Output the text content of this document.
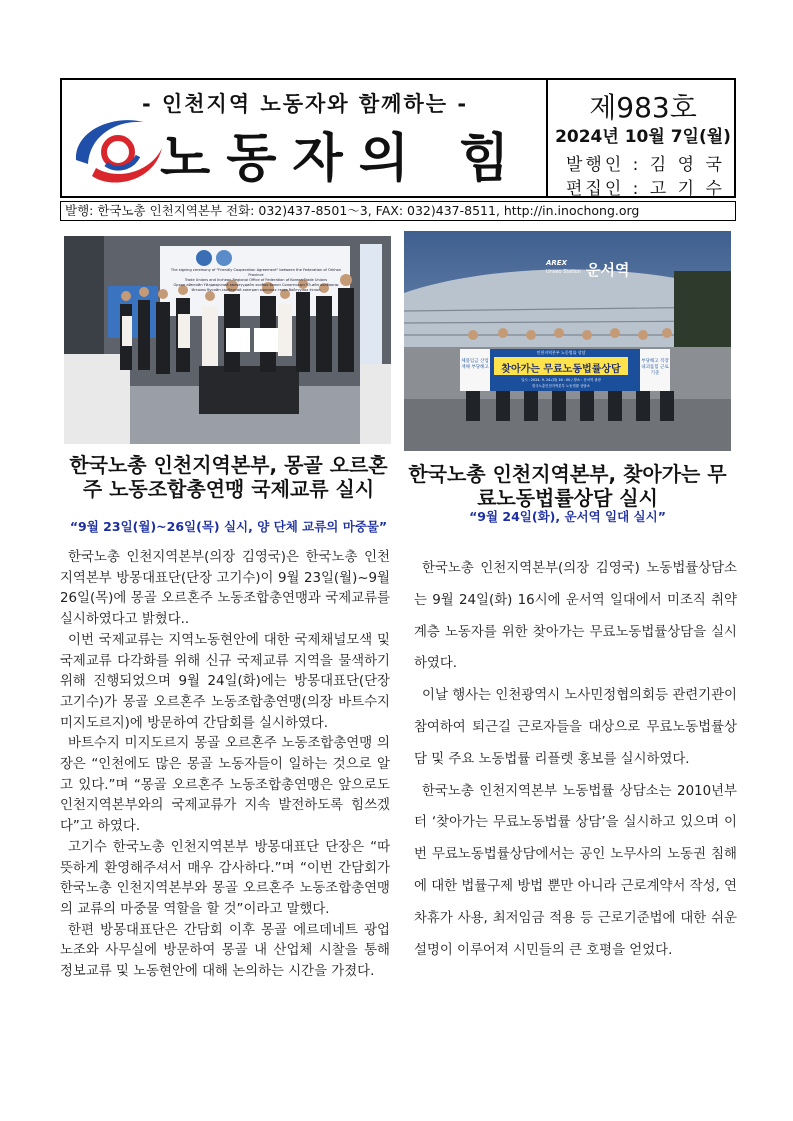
- 인천지역 노동자와 함께하는 -
노동자의 힘
제983호
2024년 10월 7일(월)
발행인 : 김 영 국
편집인 : 고 기 수
발행: 한국노총 인천지역본부 전화: 032)437-8501～3, FAX: 032)437-8511, http://in.inochong.org
The signing ceremony of "Friendly Cooperation Agreement" between the Federation of Orkhon Province
Trade Unions and Incheon Regional Office of Federation of Korean Trade Unions
Орхон аймгийн Үйлдвэрчний эвлэлүүдийн холбоо болон Солонгосын ҮЭ-ийн холбооны
Инчоны бүсийн салбартай хамтран ажиллах гэрээ байгуулах ёслол
운서역
AREX
Unseo Station
인천지역본부 노동법률 상담
찾아가는 무료노동법률상담
일시 : 2024. 9. 24.(화) 16 : 00 / 장소 : 운서역 광장
한국노총인천지역본부 노동법률 상담소
체불임금 산업재해 부당해고
부당해고 직장내괴롭힘 근로기준
한국노총 인천지역본부, 몽골 오르혼주 노동조합총연맹 국제교류 실시
“9월 23일(월)~26일(목) 실시, 양 단체 교류의 마중물”
한국노총 인천지역본부, 찾아가는 무료노동법률상담 실시
“9월 24일(화), 운서역 일대 실시”

한국노총 인천지역본부(의장 김영국)은 한국노총 인천지역본부 방몽대표단(단장 고기수)이 9월 23일(월)~9월 26일(목)에 몽골 오르혼주 노동조합총연맹과 국제교류를 실시하였다고 밝혔다..

이번 국제교류는 지역노동현안에 대한 국제채널모색 및 국제교류 다각화를 위해 신규 국제교류 지역을 물색하기위해 진행되었으며 9월 24일(화)에는 방몽대표단(단장 고기수)가 몽골 오르혼주 노동조합총연맹(의장 바트수지 미지도르지)에 방문하여 간담회를 실시하였다.

바트수지 미지도르지 몽골 오르혼주 노동조합총연맹 의장은 “인천에도 많은 몽골 노동자들이 일하는 것으로 알고 있다.”며 “몽골 오르혼주 노동조합총연맹은 앞으로도 인천지역본부와의 국제교류가 지속 발전하도록 힘쓰겠다”고 하였다.

고기수 한국노총 인천지역본부 방몽대표단 단장은 “따뜻하게 환영해주셔서 매우 감사하다.”며 “이번 간담회가 한국노총 인천지역본부와 몽골 오르혼주 노동조합총연맹의 교류의 마중물 역할을 할 것”이라고 말했다.

한편 방몽대표단은 간담회 이후 몽골 에르데네트 광업노조와 사무실에 방문하여 몽골 내 산업체 시찰을 통해 정보교류 및 노동현안에 대해 논의하는 시간을 가졌다.

한국노총 인천지역본부(의장 김영국) 노동법률상담소는 9월 24일(화) 16시에 운서역 일대에서 미조직 취약계층 노동자를 위한 찾아가는 무료노동법률상담을 실시하였다.

이날 행사는 인천광역시 노사민정협의회등 관련기관이 참여하여 퇴근길 근로자들을 대상으로 무료노동법률상담 및 주요 노동법률 리플렛 홍보를 실시하였다.

한국노총 인천지역본부 노동법률 상담소는 2010년부터 ‘찾아가는 무료노동법률 상담’을 실시하고 있으며 이번 무료노동법률상담에서는 공인 노무사의 노동권 침해에 대한 법률구제 방법 뿐만 아니라 근로계약서 작성, 연차휴가 사용, 최저임금 적용 등 근로기준법에 대한 쉬운 설명이 이루어져 시민들의 큰 호평을 얻었다.
